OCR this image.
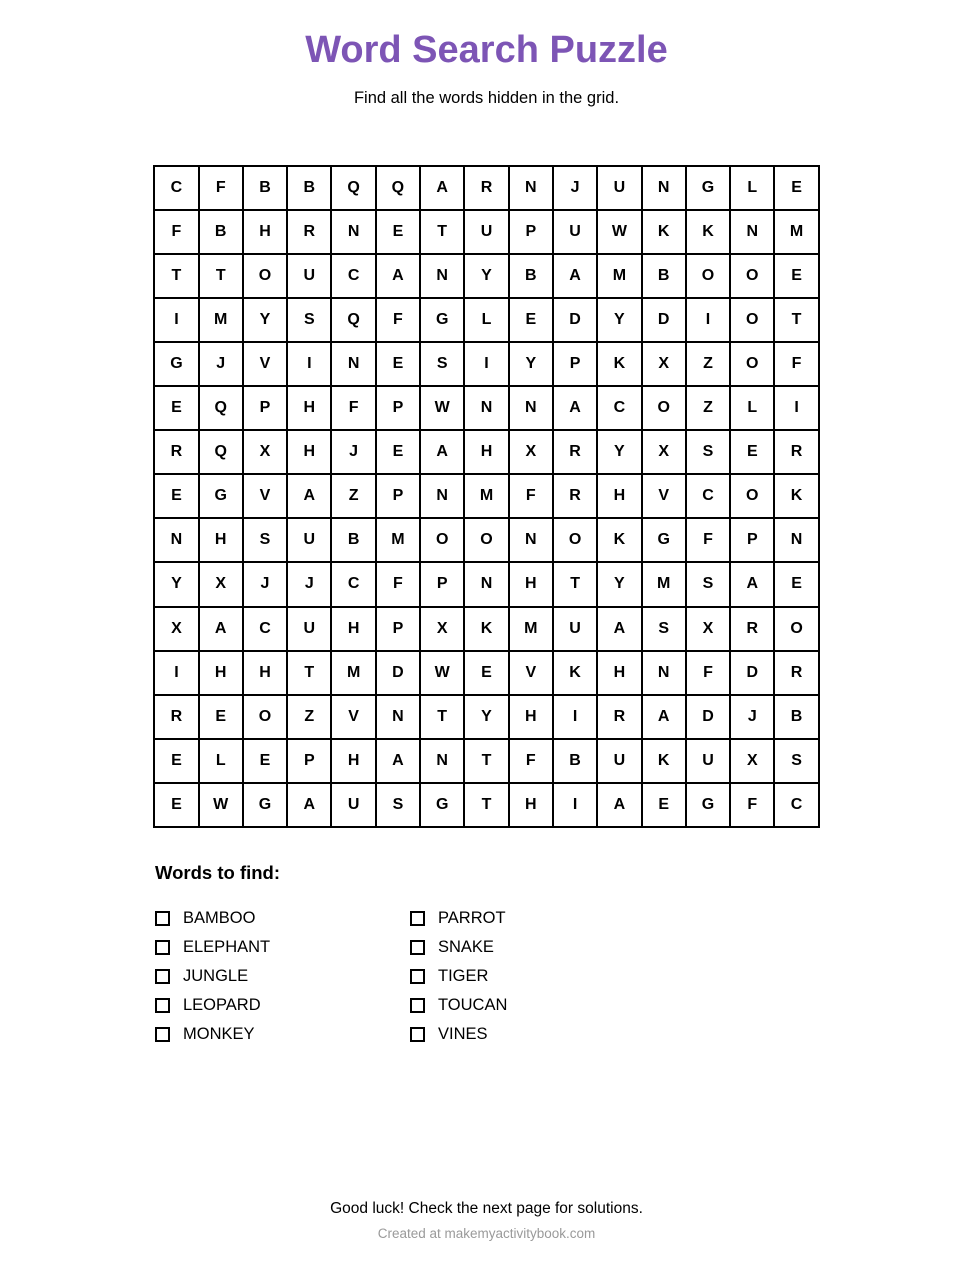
Word Search Puzzle
Find all the words hidden in the grid.
C	F	B	B	Q	Q	A	R	N	J	U	N	G	L	E
F	B	H	R	N	E	T	U	P	U	W	K	K	N	M
T	T	O	U	C	A	N	Y	B	A	M	B	O	O	E
I	M	Y	S	Q	F	G	L	E	D	Y	D	I	O	T
G	J	V	I	N	E	S	I	Y	P	K	X	Z	O	F
E	Q	P	H	F	P	W	N	N	A	C	O	Z	L	I
R	Q	X	H	J	E	A	H	X	R	Y	X	S	E	R
E	G	V	A	Z	P	N	M	F	R	H	V	C	O	K
N	H	S	U	B	M	O	O	N	O	K	G	F	P	N
Y	X	J	J	C	F	P	N	H	T	Y	M	S	A	E
X	A	C	U	H	P	X	K	M	U	A	S	X	R	O
I	H	H	T	M	D	W	E	V	K	H	N	F	D	R
R	E	O	Z	V	N	T	Y	H	I	R	A	D	J	B
E	L	E	P	H	A	N	T	F	B	U	K	U	X	S
E	W	G	A	U	S	G	T	H	I	A	E	G	F	C
Words to find:
BAMBOO
ELEPHANT
JUNGLE
LEOPARD
MONKEY
PARROT
SNAKE
TIGER
TOUCAN
VINES
Good luck! Check the next page for solutions.
Created at makemyactivitybook.com
